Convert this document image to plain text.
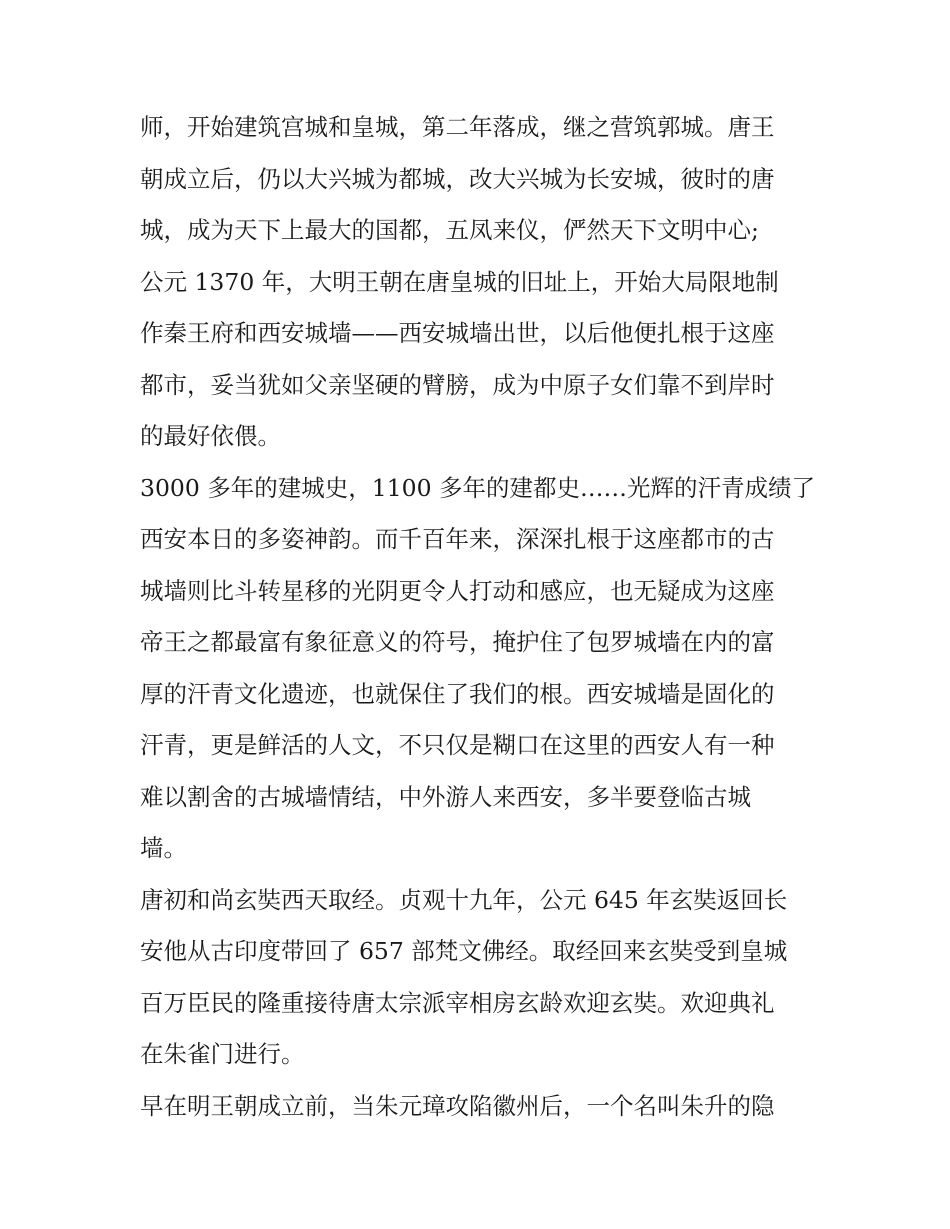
师，开始建筑宫城和皇城，第二年落成，继之营筑郭城。唐王
朝成立后，仍以大兴城为都城，改大兴城为长安城，彼时的唐
城，成为天下上最大的国都，五凤来仪，俨然天下文明中心;
公元 1370 年，大明王朝在唐皇城的旧址上，开始大局限地制
作秦王府和西安城墙——西安城墙出世，以后他便扎根于这座
都市，妥当犹如父亲坚硬的臂膀，成为中原子女们靠不到岸时
的最好依偎。
3000 多年的建城史，1100 多年的建都史……光辉的汗青成绩了
西安本日的多姿神韵。而千百年来，深深扎根于这座都市的古
城墙则比斗转星移的光阴更令人打动和感应，也无疑成为这座
帝王之都最富有象征意义的符号，掩护住了包罗城墙在内的富
厚的汗青文化遗迹，也就保住了我们的根。西安城墙是固化的
汗青，更是鲜活的人文，不只仅是糊口在这里的西安人有一种
难以割舍的古城墙情结，中外游人来西安，多半要登临古城
墙。
唐初和尚玄奘西天取经。贞观十九年，公元 645 年玄奘返回长
安他从古印度带回了 657 部梵文佛经。取经回来玄奘受到皇城
百万臣民的隆重接待唐太宗派宰相房玄龄欢迎玄奘。欢迎典礼
在朱雀门进行。
早在明王朝成立前，当朱元璋攻陷徽州后，一个名叫朱升的隐
